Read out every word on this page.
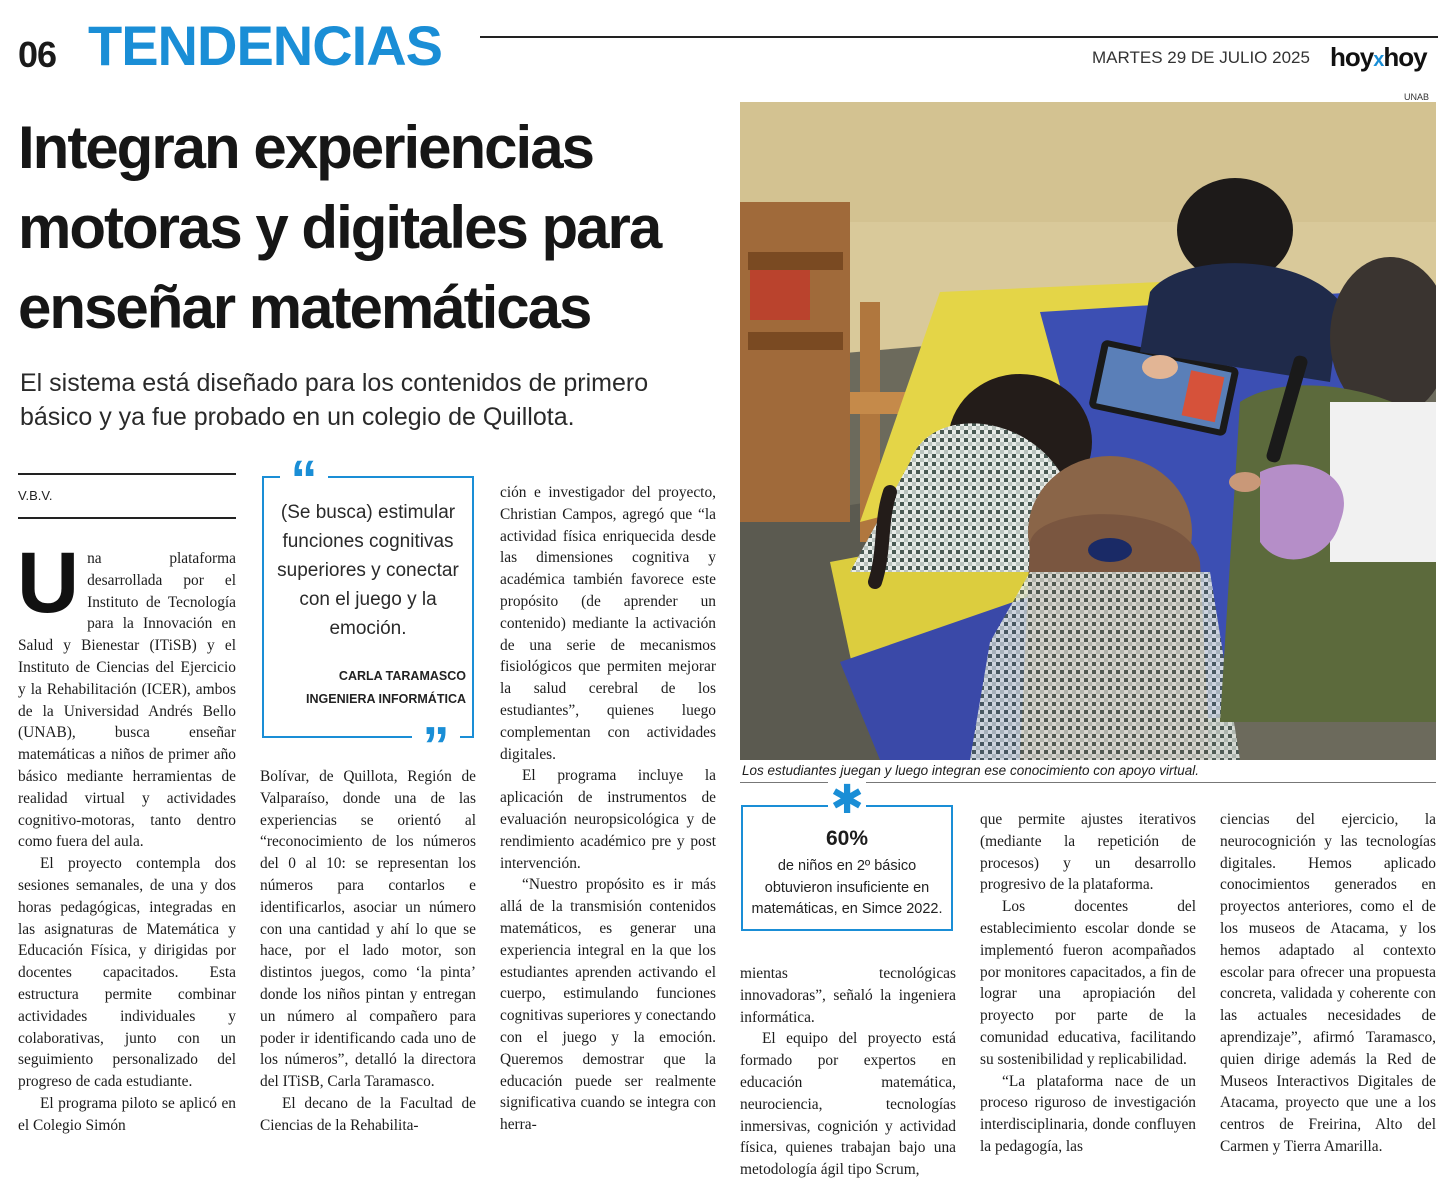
06 TENDENCIAS	MARTES 29 DE JULIO 2025 hoyxhoy
Integran experiencias motoras y digitales para enseñar matemáticas
El sistema está diseñado para los contenidos de primero básico y ya fue probado en un colegio de Quillota.
V.B.V.

Una plataforma desarrollada por el Instituto de Tecnología para la Innovación en Salud y Bienestar (ITiSB) y el Instituto de Ciencias del Ejercicio y la Rehabilitación (ICER), ambos de la Universidad Andrés Bello (UNAB), busca enseñar matemáticas a niños de primer año básico mediante herramientas de realidad virtual y actividades cognitivo-motoras, tanto dentro como fuera del aula.

El proyecto contempla dos sesiones semanales, de una y dos horas pedagógicas, integradas en las asignaturas de Matemática y Educación Física, y dirigidas por docentes capacitados. Esta estructura permite combinar actividades individuales y colaborativas, junto con un seguimiento personalizado del progreso de cada estudiante.

El programa piloto se aplicó en el Colegio Simón

“
(Se busca) estimular funciones cognitivas superiores y conectar con el juego y la emoción.
CARLA TARAMASCO
INGENIERA INFORMÁTICA
”

Bolívar, de Quillota, Región de Valparaíso, donde una de las experiencias se orientó al “reconocimiento de los números del 0 al 10: se representan los números para contarlos e identificarlos, asociar un número con una cantidad y ahí lo que se hace, por el lado motor, son distintos juegos, como ‘la pinta’ donde los niños pintan y entregan un número al compañero para poder ir identificando cada uno de los números”, detalló la directora del ITiSB, Carla Taramasco.

El decano de la Facultad de Ciencias de la Rehabilita-

ción e investigador del proyecto, Christian Campos, agregó que “la actividad física enriquecida desde las dimensiones cognitiva y académica también favorece este propósito (de aprender un contenido) mediante la activación de una serie de mecanismos fisiológicos que permiten mejorar la salud cerebral de los estudiantes”, quienes luego complementan con actividades digitales.

El programa incluye la aplicación de instrumentos de evaluación neuropsicológica y de rendimiento académico pre y post intervención.

“Nuestro propósito es ir más allá de la transmisión contenidos matemáticos, es generar una experiencia integral en la que los estudiantes aprenden activando el cuerpo, estimulando funciones cognitivas superiores y conectando con el juego y la emoción. Queremos demostrar que la educación puede ser realmente significativa cuando se integra con herra-

UNAB
Los estudiantes juegan y luego integran ese conocimiento con apoyo virtual.
✱
60%
de niños en 2º básico obtuvieron insuficiente en matemáticas, en Simce 2022.

mientas tecnológicas innovadoras”, señaló la ingeniera informática.

El equipo del proyecto está formado por expertos en educación matemática, neurociencia, tecnologías inmersivas, cognición y actividad física, quienes trabajan bajo una metodología ágil tipo Scrum,

que permite ajustes iterativos (mediante la repetición de procesos) y un desarrollo progresivo de la plataforma.

Los docentes del establecimiento escolar donde se implementó fueron acompañados por monitores capacitados, a fin de lograr una apropiación del proyecto por parte de la comunidad educativa, facilitando su sostenibilidad y replicabilidad.

“La plataforma nace de un proceso riguroso de investigación interdisciplinaria, donde confluyen la pedagogía, las

ciencias del ejercicio, la neurocognición y las tecnologías digitales. Hemos aplicado conocimientos generados en proyectos anteriores, como el de los museos de Atacama, y los hemos adaptado al contexto escolar para ofrecer una propuesta concreta, validada y coherente con las actuales necesidades de aprendizaje”, afirmó Taramasco, quien dirige además la Red de Museos Interactivos Digitales de Atacama, proyecto que une a los centros de Freirina, Alto del Carmen y Tierra Amarilla.
